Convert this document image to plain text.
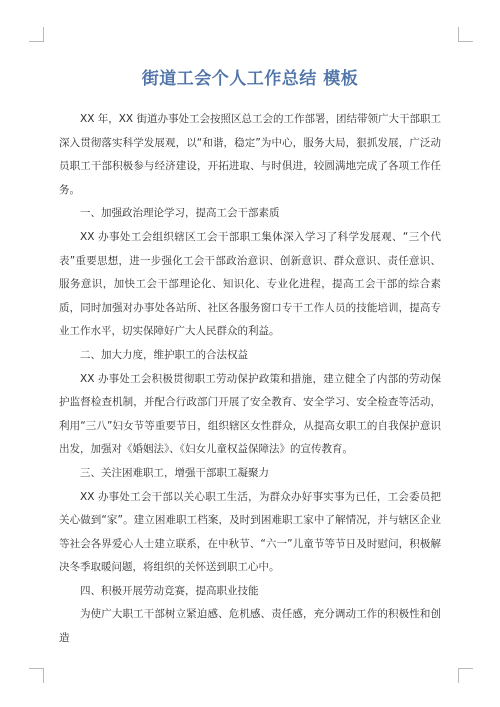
街道工会个人工作总结 模板

XX 年，XX 街道办事处工会按照区总工会的工作部署，团结带领广大干部职工深入贯彻落实科学发展观，以“和谐，稳定”为中心，服务大局，狠抓发展，广泛动员职工干部积极参与经济建设，开拓进取、与时俱进，较圆满地完成了各项工作任务。

一、加强政治理论学习，提高工会干部素质

XX 办事处工会组织辖区工会干部职工集体深入学习了科学发展观、“三个代表”重要思想，进一步强化工会干部政治意识、创新意识、群众意识、责任意识、服务意识，加快工会干部理论化、知识化、专业化进程，提高工会干部的综合素质，同时加强对办事处各站所、社区各服务窗口专干工作人员的技能培训，提高专业工作水平，切实保障好广大人民群众的利益。

二、加大力度，维护职工的合法权益

XX 办事处工会积极贯彻职工劳动保护政策和措施，建立健全了内部的劳动保护监督检查机制，并配合行政部门开展了安全教育、安全学习、安全检查等活动，利用“三八”妇女节等重要节日，组织辖区女性群众，从提高女职工的自我保护意识出发，加强对《婚姻法》、《妇女儿童权益保障法》的宣传教育。

三、关注困难职工，增强干部职工凝聚力

XX 办事处工会干部以关心职工生活，为群众办好事实事为已任，工会委员把关心做到“家”。建立困难职工档案，及时到困难职工家中了解情况，并与辖区企业等社会各界爱心人士建立联系，在中秋节、“六一”儿童节等节日及时慰问，积极解决冬季取暖问题，将组织的关怀送到职工心中。

四、积极开展劳动竞赛，提高职业技能

为使广大职工干部树立紧迫感、危机感、责任感，充分调动工作的积极性和创造
